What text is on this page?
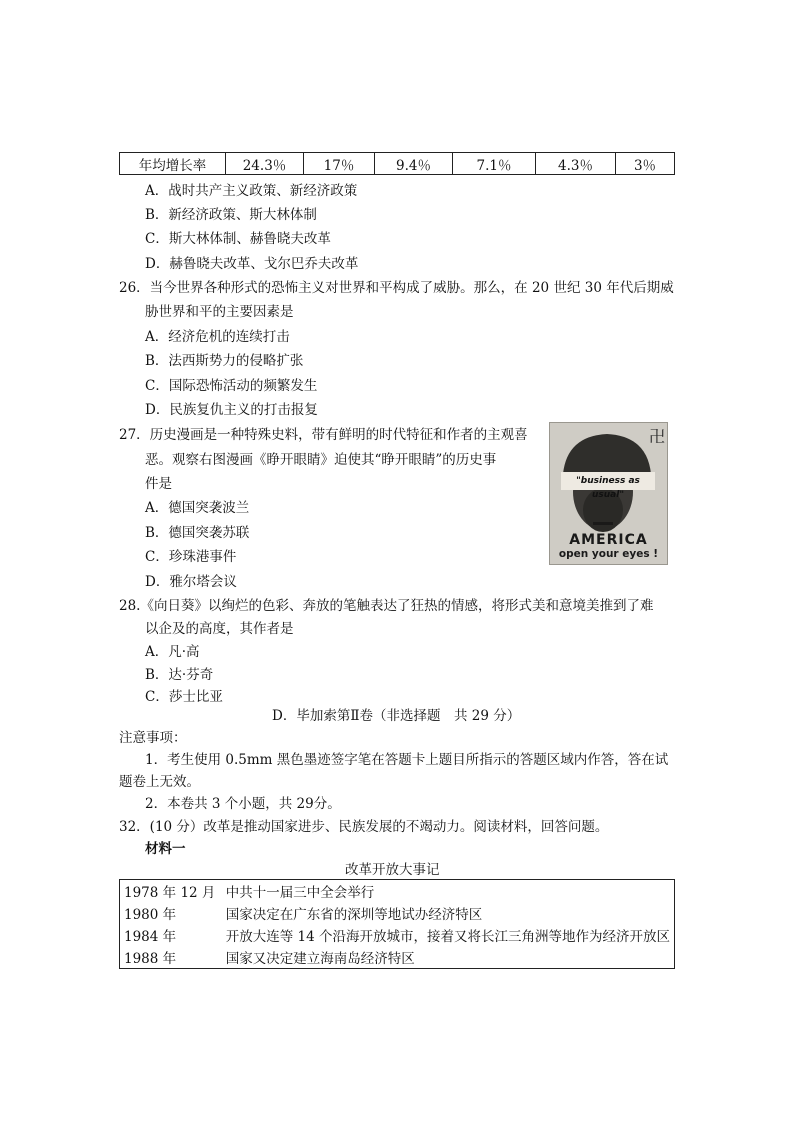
年均增长率	24.3％	17％	9.4％	7.1％	4.3％	3％
A．战时共产主义政策、新经济政策
B．新经济政策、斯大林体制
C．斯大林体制、赫鲁晓夫改革
D．赫鲁晓夫改革、戈尔巴乔夫改革
26．当今世界各种形式的恐怖主义对世界和平构成了威胁。那么，在 20 世纪 30 年代后期威
胁世界和平的主要因素是
A．经济危机的连续打击
B．法西斯势力的侵略扩张
C．国际恐怖活动的频繁发生
D．民族复仇主义的打击报复
27．历史漫画是一种特殊史料，带有鲜明的时代特征和作者的主观喜
恶。观察右图漫画《睁开眼睛》迫使其“睁开眼睛”的历史事
件是
A．德国突袭波兰
B．德国突袭苏联
C．珍珠港事件
D．雅尔塔会议
卍
"business as usual"
AMERICA
open your eyes !
28.《向日葵》以绚烂的色彩、奔放的笔触表达了狂热的情感，将形式美和意境美推到了难
以企及的高度，其作者是
A．凡·高
B．达·芬奇
C．莎士比亚
D．毕加索第Ⅱ卷（非选择题　共 29 分）
注意事项：
1．考生使用 0.5mm 黑色墨迹签字笔在答题卡上题目所指示的答题区域内作答，答在试
题卷上无效。
2．本卷共 3 个小题，共 29分。
32．(10 分）改革是推动国家进步、民族发展的不竭动力。阅读材料，回答问题。
材料一
改革开放大事记
1978 年 12 月	中共十一届三中全会举行
1980 年	国家决定在广东省的深圳等地试办经济特区
1984 年	开放大连等 14 个沿海开放城市，接着又将长江三角洲等地作为经济开放区
1988 年	国家又决定建立海南岛经济特区
